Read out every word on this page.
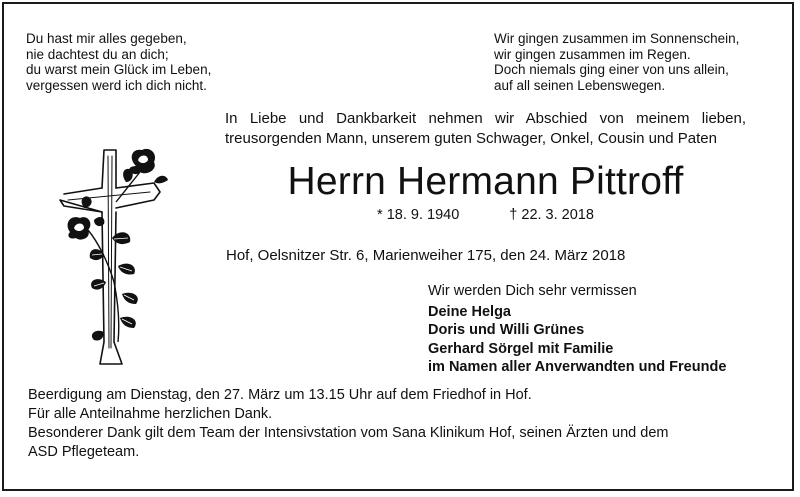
Du hast mir alles gegeben,
nie dachtest du an dich;
du warst mein Glück im Leben,
vergessen werd ich dich nicht.
Wir gingen zusammen im Sonnenschein,
wir gingen zusammen im Regen.
Doch niemals ging einer von uns allein,
auf all seinen Lebenswegen.
In Liebe und Dankbarkeit nehmen wir Abschied von meinem lieben,
treusorgenden Mann, unserem guten Schwager, Onkel, Cousin und Paten
Herrn Hermann Pittroff
* 18. 9. 1940	† 22. 3. 2018
Hof, Oelsnitzer Str. 6, Marienweiher 175, den 24. März 2018
Wir werden Dich sehr vermissen
Deine Helga
Doris und Willi Grünes
Gerhard Sörgel mit Familie
im Namen aller Anverwandten und Freunde
Beerdigung am Dienstag, den 27. März um 13.15 Uhr auf dem Friedhof in Hof.
Für alle Anteilnahme herzlichen Dank.
Besonderer Dank gilt dem Team der Intensivstation vom Sana Klinikum Hof, seinen Ärzten und dem
ASD Pflegeteam.
